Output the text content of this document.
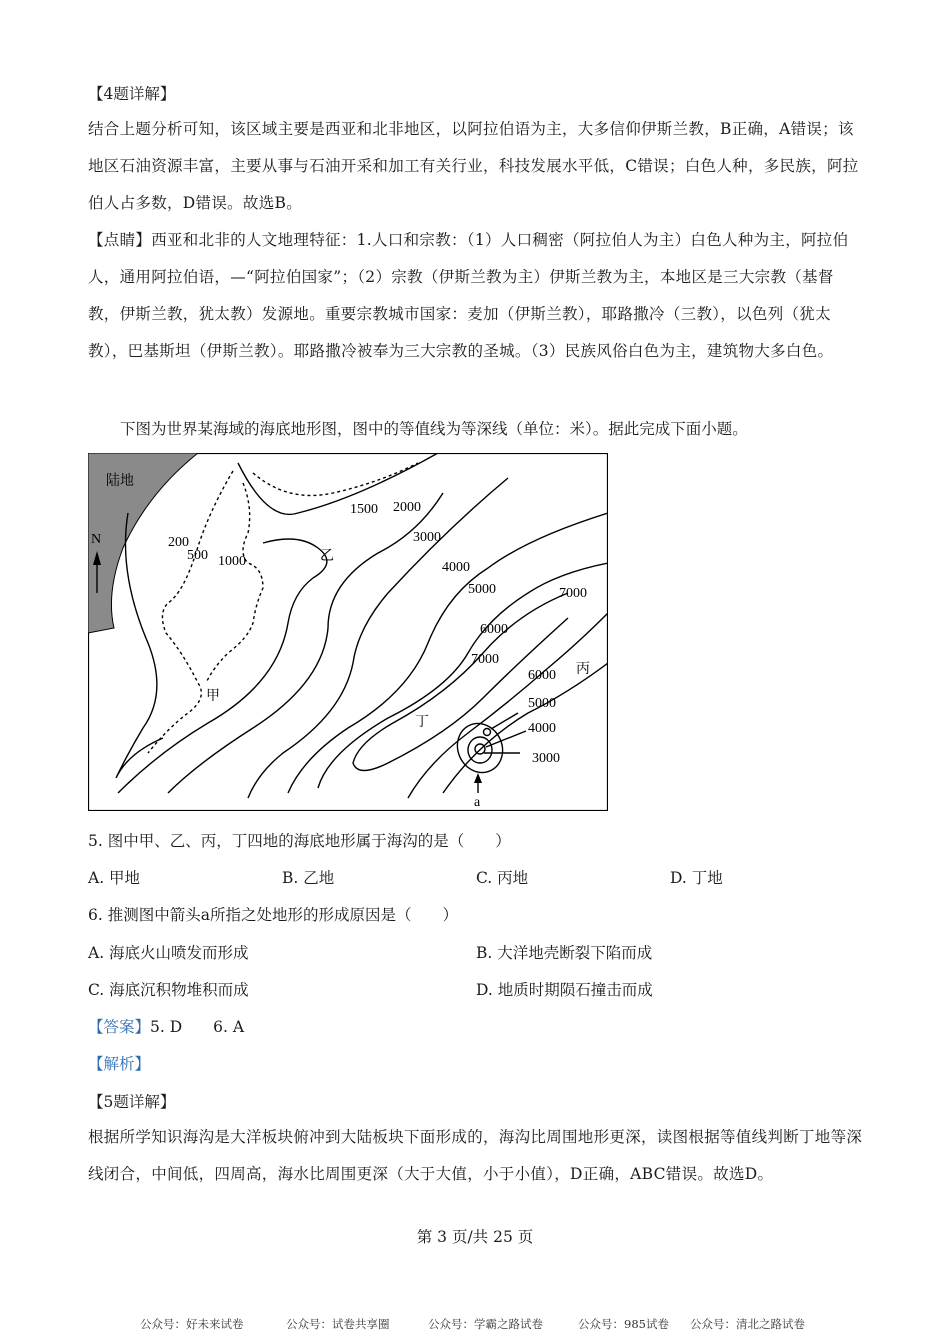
【4题详解】
结合上题分析可知，该区域主要是西亚和北非地区，以阿拉伯语为主，大多信仰伊斯兰教，B正确，A错误；该地区石油资源丰富，主要从事与石油开采和加工有关行业，科技发展水平低，C错误；白色人种，多民族，阿拉伯人占多数，D错误。故选B。
【点睛】西亚和北非的人文地理特征：1.人口和宗教：（1）人口稠密（阿拉伯人为主）白色人种为主，阿拉伯人，通用阿拉伯语，—“阿拉伯国家”；（2）宗教（伊斯兰教为主）伊斯兰教为主，本地区是三大宗教（基督教，伊斯兰教，犹太教）发源地。重要宗教城市国家：麦加（伊斯兰教），耶路撒冷（三教），以色列（犹太教），巴基斯坦（伊斯兰教）。耶路撒冷被奉为三大宗教的圣城。（3）民族风俗白色为主，建筑物大多白色。
下图为世界某海域的海底地形图，图中的等值线为等深线（单位：米）。据此完成下面小题。
陆地
N
甲
乙
丙
丁
a
200
500 1000
1500 2000
3000
4000
5000
6000
7000
7000
6000
5000
4000
3000
5. 图中甲、乙、丙，丁四地的海底地形属于海沟的是（　　）
A. 甲地	B. 乙地	C. 丙地	D. 丁地
6. 推测图中箭头a所指之处地形的形成原因是（　　）
A. 海底火山喷发而形成	B. 大洋地壳断裂下陷而成
C. 海底沉积物堆积而成	D. 地质时期陨石撞击而成
【答案】5. D　　6. A
【解析】
【5题详解】
根据所学知识海沟是大洋板块俯冲到大陆板块下面形成的，海沟比周围地形更深，读图根据等值线判断丁地等深线闭合，中间低，四周高，海水比周围更深（大于大值，小于小值），D正确，ABC错误。故选D。
第 3 页/共 25 页
公众号：好未来试卷	公众号：试卷共享圈	公众号：学霸之路试卷	公众号：985试卷 公众号：清北之路试卷
